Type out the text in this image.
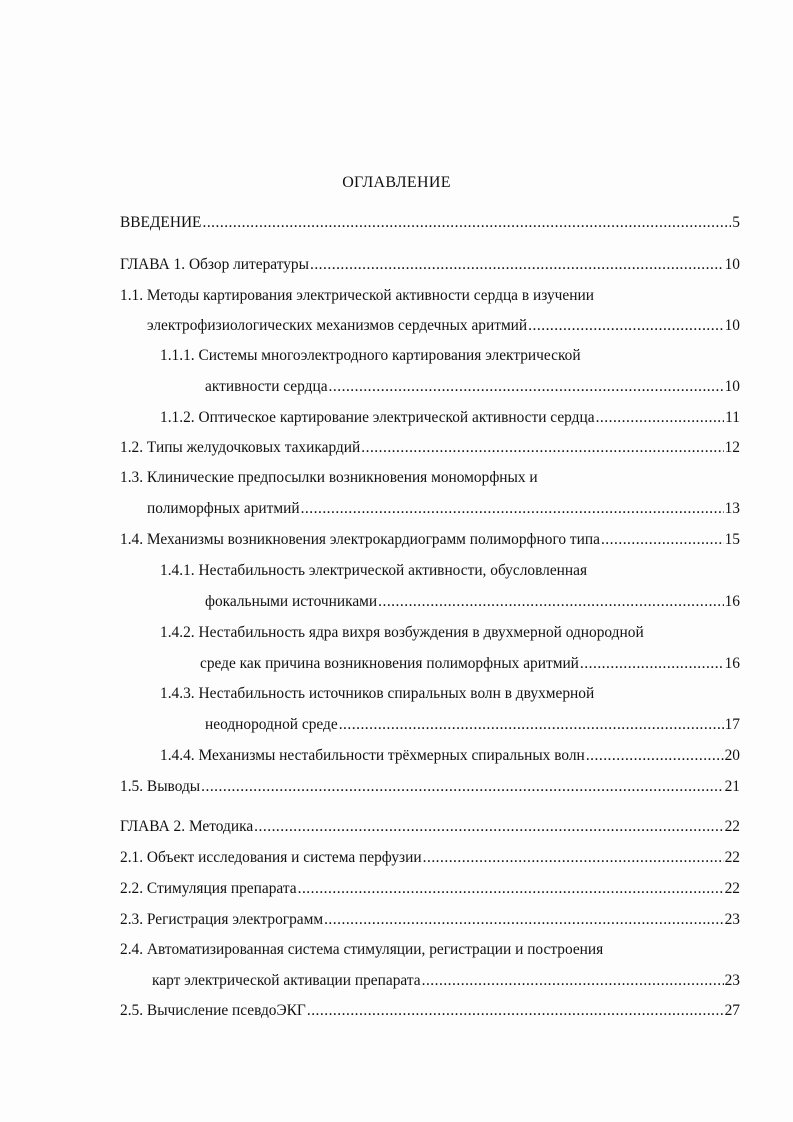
ОГЛАВЛЕНИЕ
ВВЕДЕНИЕ .....	5
ГЛАВА 1. Обзор литературы .....	10
1.1. Методы картирования электрической активности сердца в изучении
электрофизиологических механизмов сердечных аритмий .....	10
1.1.1. Системы многоэлектродного картирования электрической
активности сердца .....	10
1.1.2. Оптическое картирование электрической активности сердца .....	11
1.2. Типы желудочковых тахикардий .....	12
1.3. Клинические предпосылки возникновения мономорфных и
полиморфных аритмий .....	13
1.4. Механизмы возникновения электрокардиограмм полиморфного типа .....	15
1.4.1. Нестабильность электрической активности, обусловленная
фокальными источниками .....	16
1.4.2. Нестабильность ядра вихря возбуждения в двухмерной однородной
среде как причина возникновения полиморфных аритмий .....	16
1.4.3. Нестабильность источников спиральных волн в двухмерной
неоднородной среде .....	17
1.4.4. Механизмы нестабильности трёхмерных спиральных волн .....	20
1.5. Выводы .....	21
ГЛАВА 2. Методика .....	22
2.1. Объект исследования и система перфузии .....	22
2.2. Стимуляция препарата .....	22
2.3. Регистрация электрограмм .....	23
2.4. Автоматизированная система стимуляции, регистрации и построения
карт электрической активации препарата .....	23
2.5. Вычисление псевдоЭКГ .....	27
